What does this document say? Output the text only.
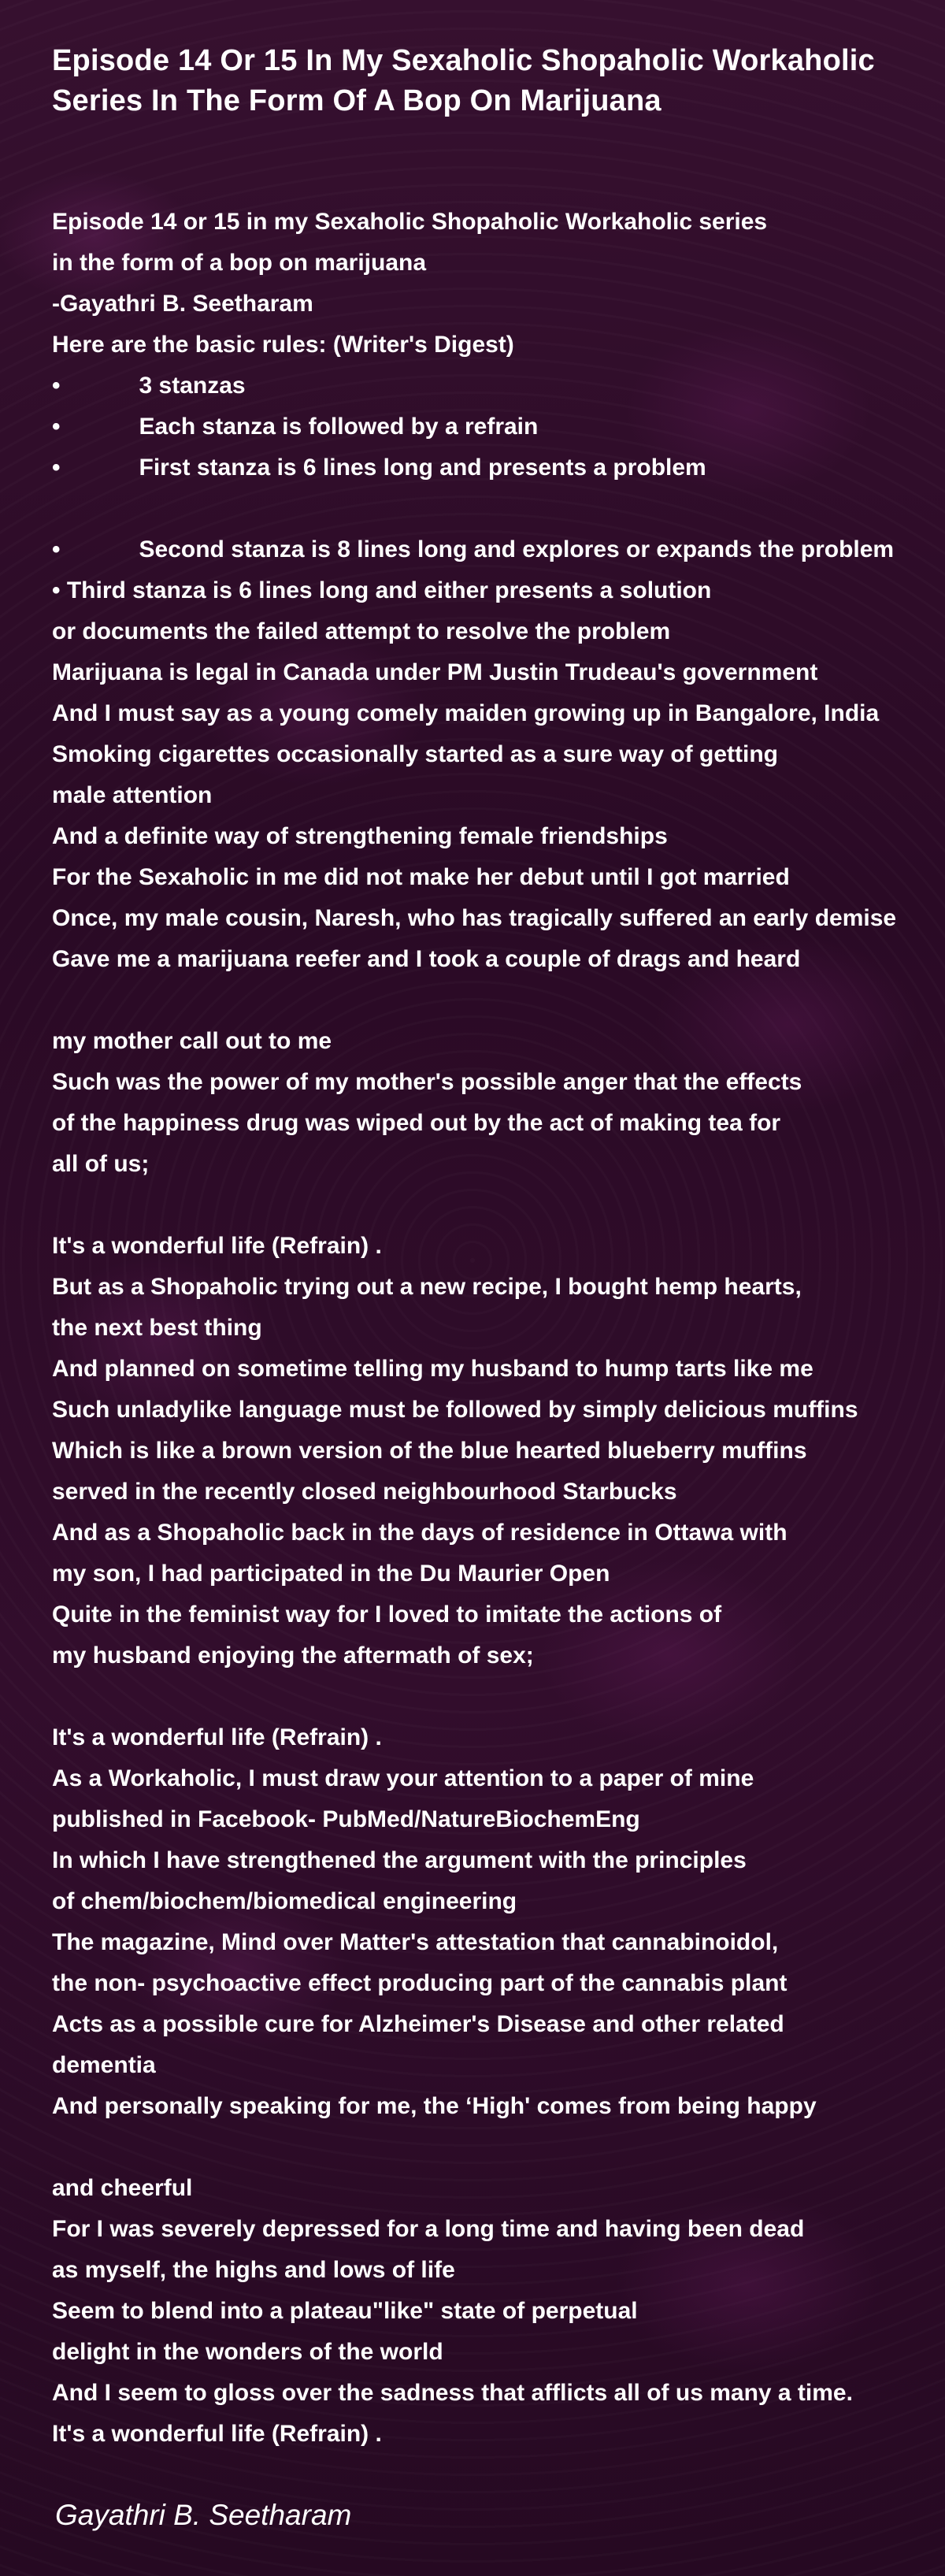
Episode 14 Or 15 In My Sexaholic Shopaholic Workaholic Series In The Form Of A Bop On Marijuana
Episode 14 or 15 in my Sexaholic Shopaholic Workaholic series
in the form of a bop on marijuana
-Gayathri B. Seetharam
Here are the basic rules: (Writer's Digest)
•            3 stanzas
•            Each stanza is followed by a refrain
•            First stanza is 6 lines long and presents a problem
•            Second stanza is 8 lines long and explores or expands the problem
• Third stanza is 6 lines long and either presents a solution
or documents the failed attempt to resolve the problem
Marijuana is legal in Canada under PM Justin Trudeau's government
And I must say as a young comely maiden growing up in Bangalore, India
Smoking cigarettes occasionally started as a sure way of getting
male attention
And a definite way of strengthening female friendships
For the Sexaholic in me did not make her debut until I got married
Once, my male cousin, Naresh, who has tragically suffered an early demise
Gave me a marijuana reefer and I took a couple of drags and heard
my mother call out to me
Such was the power of my mother's possible anger that the effects
of the happiness drug was wiped out by the act of making tea for
all of us;
It's a wonderful life (Refrain) .
But as a Shopaholic trying out a new recipe, I bought hemp hearts,
the next best thing
And planned on sometime telling my husband to hump tarts like me
Such unladylike language must be followed by simply delicious muffins
Which is like a brown version of the blue hearted blueberry muffins
served in the recently closed neighbourhood Starbucks
And as a Shopaholic back in the days of residence in Ottawa with
my son, I had participated in the Du Maurier Open
Quite in the feminist way for I loved to imitate the actions of
my husband enjoying the aftermath of sex;
It's a wonderful life (Refrain) .
As a Workaholic, I must draw your attention to a paper of mine
published in Facebook- PubMed/NatureBiochemEng
In which I have strengthened the argument with the principles
of chem/biochem/biomedical engineering
The magazine, Mind over Matter's attestation that cannabinoidol,
the non- psychoactive effect producing part of the cannabis plant
Acts as a possible cure for Alzheimer's Disease and other related
dementia
And personally speaking for me, the ‘High' comes from being happy
and cheerful
For I was severely depressed for a long time and having been dead
as myself, the highs and lows of life
Seem to blend into a plateau"like" state of perpetual
delight in the wonders of the world
And I seem to gloss over the sadness that afflicts all of us many a time.
It's a wonderful life (Refrain) .
Gayathri B. Seetharam
